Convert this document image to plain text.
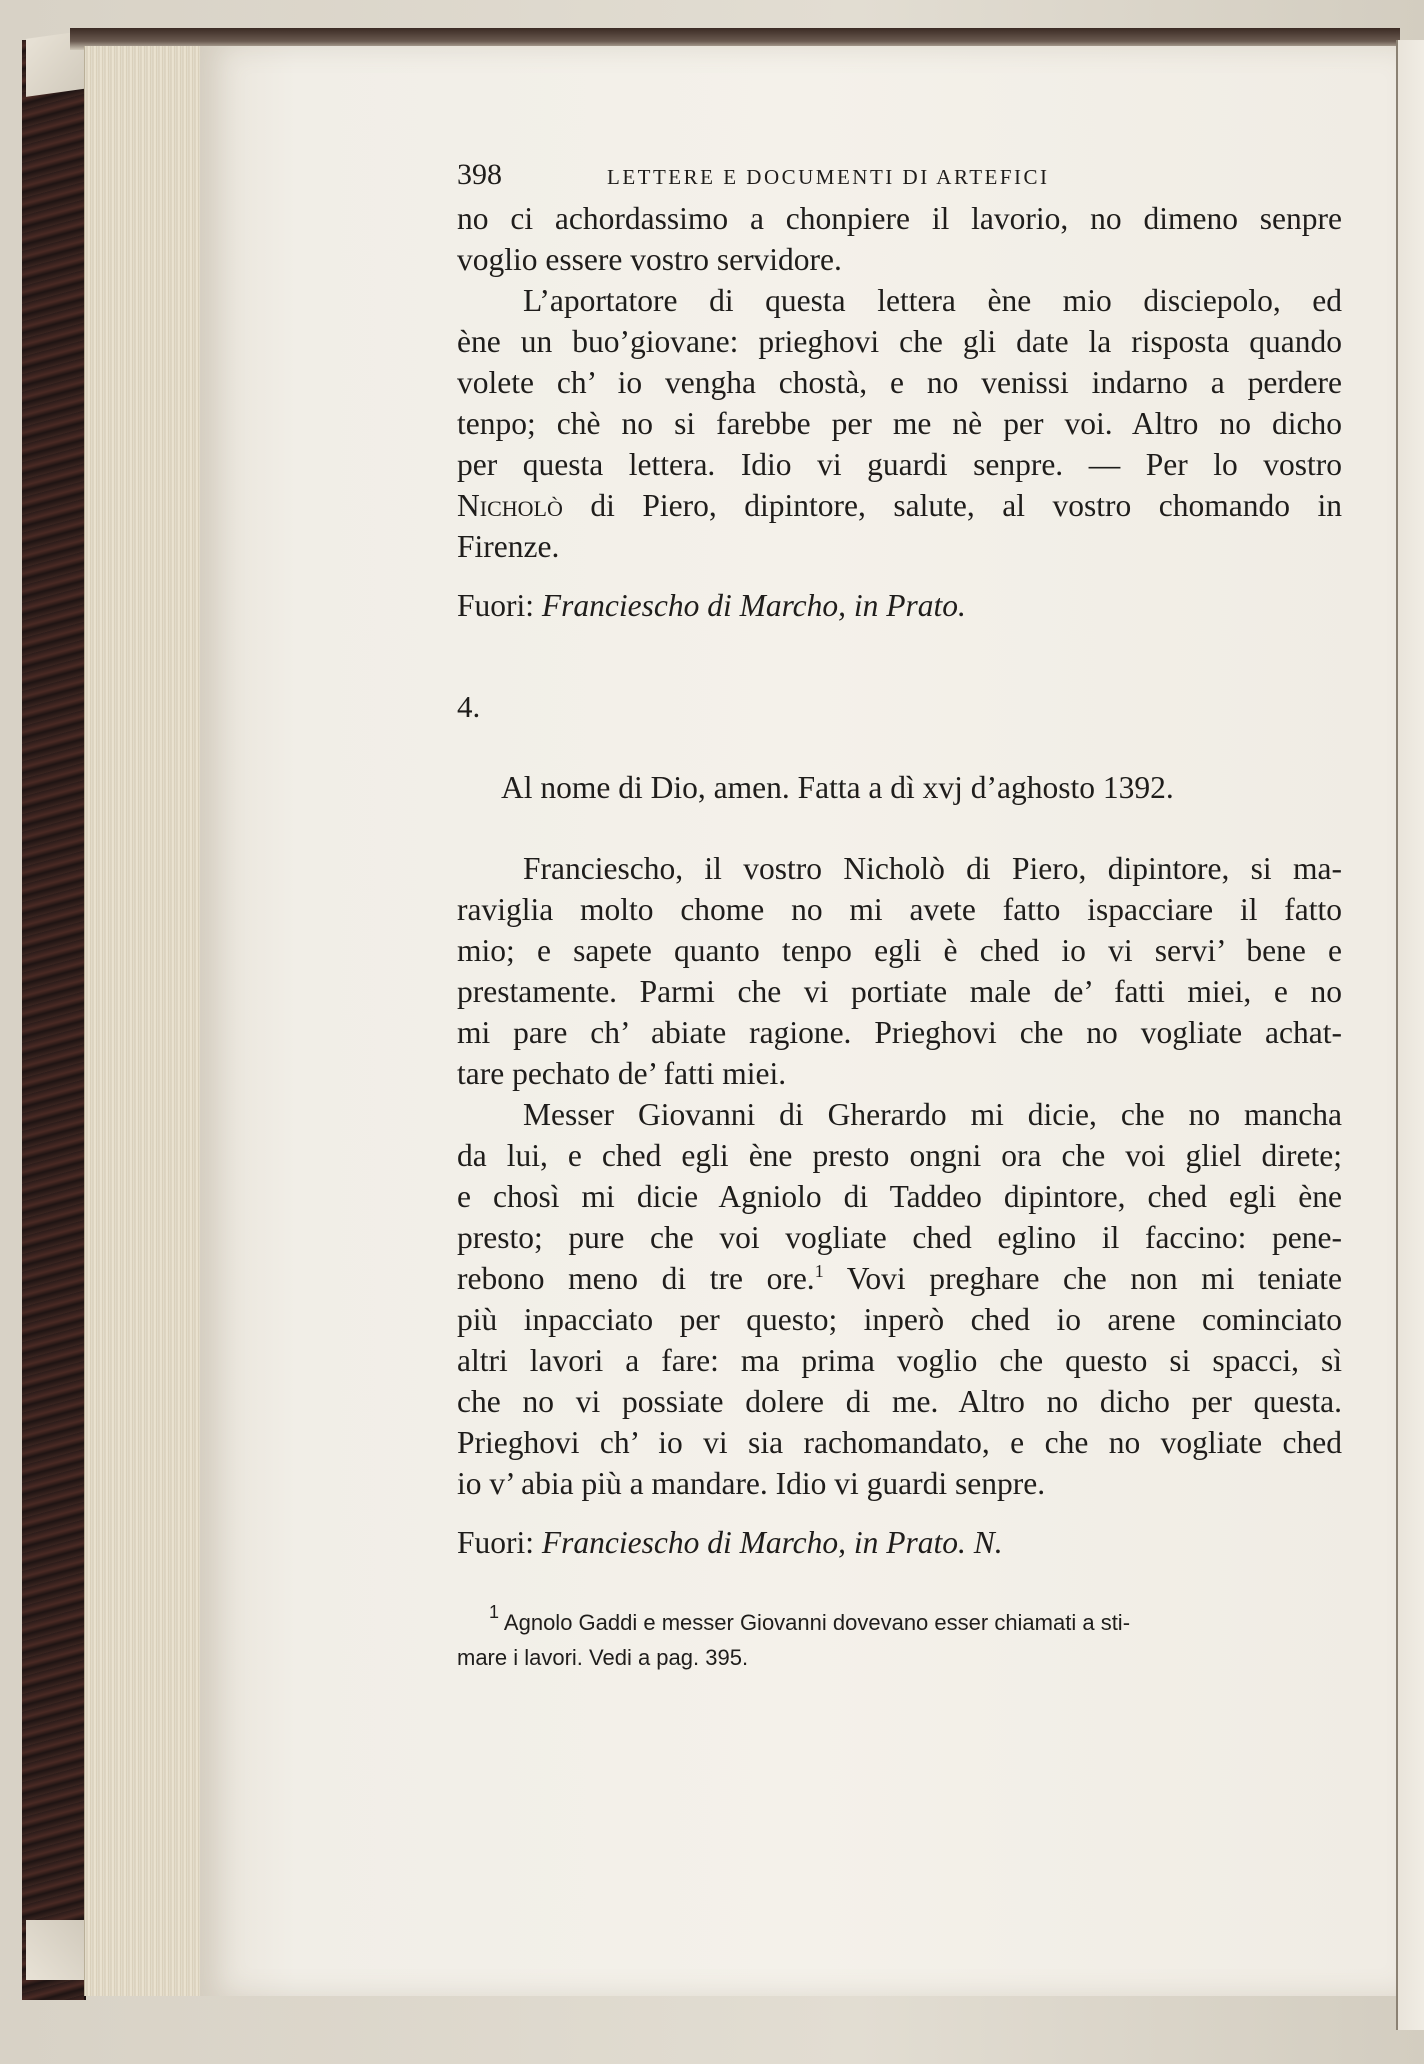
398	LETTERE E DOCUMENTI DI ARTEFICI
no ci achordassimo a chonpiere il lavorio, no dimeno senpre
voglio essere vostro servidore.
L’aportatore di questa lettera ène mio disciepolo, ed
ène un buo’giovane: prieghovi che gli date la risposta quando
volete ch’ io vengha chostà, e no venissi indarno a perdere
tenpo; chè no si farebbe per me nè per voi. Altro no dicho
per questa lettera. Idio vi guardi senpre. — Per lo vostro
Nicholò di Piero, dipintore, salute, al vostro chomando in
Firenze.
Fuori: Franciescho di Marcho, in Prato.
4.
Al nome di Dio, amen. Fatta a dì xvj d’aghosto 1392.
Franciescho, il vostro Nicholò di Piero, dipintore, si ma-
raviglia molto chome no mi avete fatto ispacciare il fatto
mio; e sapete quanto tenpo egli è ched io vi servi’ bene e
prestamente. Parmi che vi portiate male de’ fatti miei, e no
mi pare ch’ abiate ragione. Prieghovi che no vogliate achat-
tare pechato de’ fatti miei.
Messer Giovanni di Gherardo mi dicie, che no mancha
da lui, e ched egli ène presto ongni ora che voi gliel direte;
e chosì mi dicie Agniolo di Taddeo dipintore, ched egli ène
presto; pure che voi vogliate ched eglino il faccino: pene-
rebono meno di tre ore.$^1$ Vovi preghare che non mi teniate
più inpacciato per questo; inperò ched io arene cominciato
altri lavori a fare: ma prima voglio che questo si spacci, sì
che no vi possiate dolere di me. Altro no dicho per questa.
Prieghovi ch’ io vi sia rachomandato, e che no vogliate ched
io v’ abia più a mandare. Idio vi guardi senpre.
Fuori: Franciescho di Marcho, in Prato. N.
$^1$ Agnolo Gaddi e messer Giovanni dovevano esser chiamati a sti-
mare i lavori. Vedi a pag. 395.
